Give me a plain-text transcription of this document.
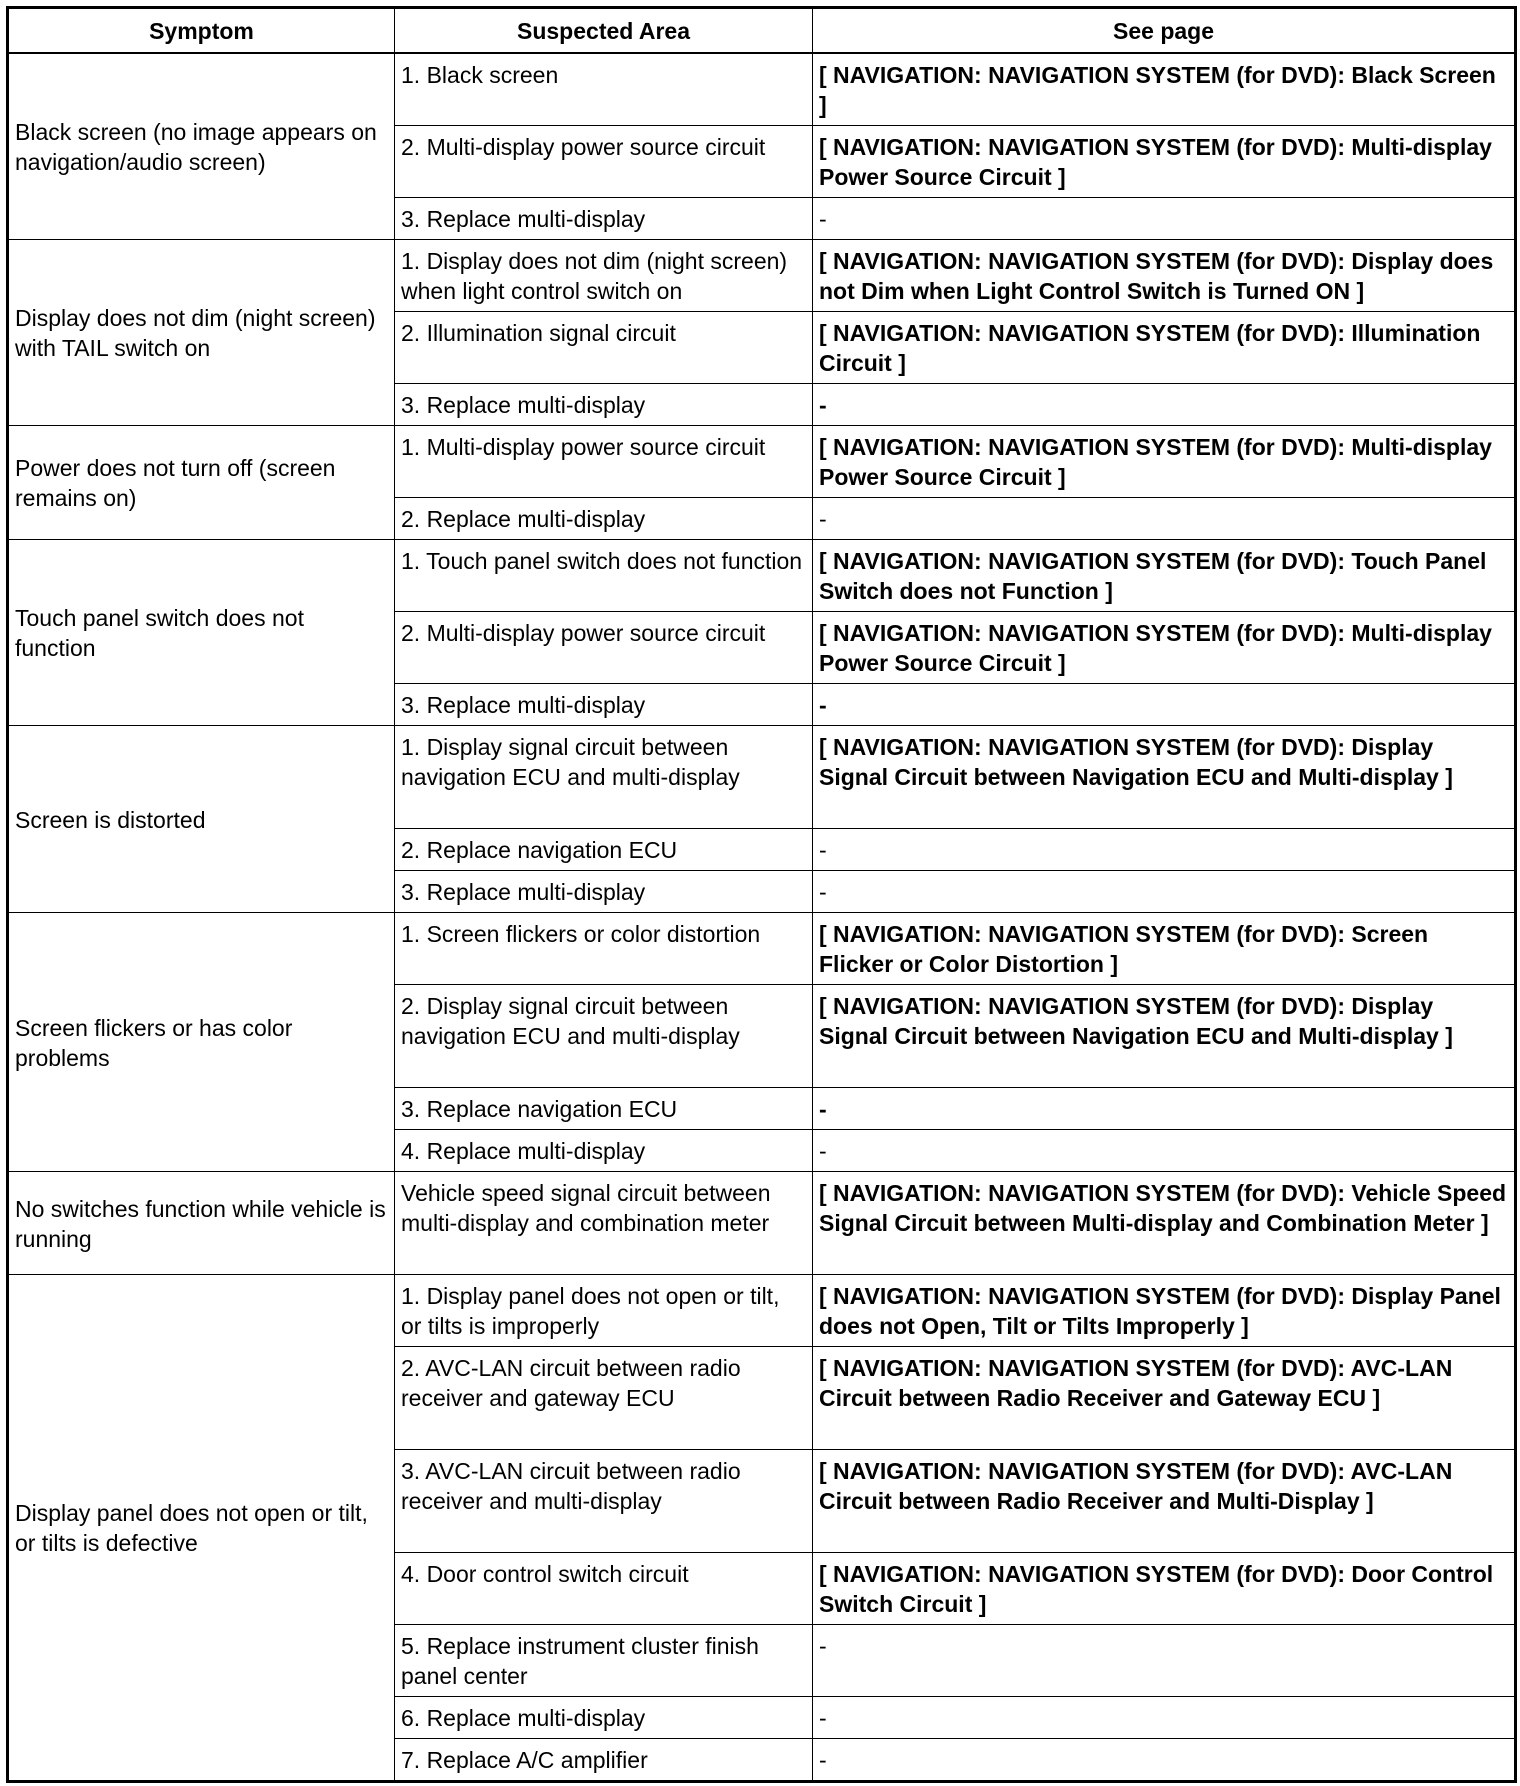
Symptom	Suspected Area	See page
Black screen (no image appears on navigation/audio screen)	1. Black screen	[ NAVIGATION: NAVIGATION SYSTEM (for DVD): Black Screen ]
	2. Multi-display power source circuit	[ NAVIGATION: NAVIGATION SYSTEM (for DVD): Multi-display Power Source Circuit ]
	3. Replace multi-display	-
Display does not dim (night screen) with TAIL switch on	1. Display does not dim (night screen) when light control switch on	[ NAVIGATION: NAVIGATION SYSTEM (for DVD): Display does not Dim when Light Control Switch is Turned ON ]
	2. Illumination signal circuit	[ NAVIGATION: NAVIGATION SYSTEM (for DVD): Illumination Circuit ]
	3. Replace multi-display	-
Power does not turn off (screen remains on)	1. Multi-display power source circuit	[ NAVIGATION: NAVIGATION SYSTEM (for DVD): Multi-display Power Source Circuit ]
	2. Replace multi-display	-
Touch panel switch does not function	1. Touch panel switch does not function	[ NAVIGATION: NAVIGATION SYSTEM (for DVD): Touch Panel Switch does not Function ]
	2. Multi-display power source circuit	[ NAVIGATION: NAVIGATION SYSTEM (for DVD): Multi-display Power Source Circuit ]
	3. Replace multi-display	-
Screen is distorted	1. Display signal circuit between navigation ECU and multi-display	[ NAVIGATION: NAVIGATION SYSTEM (for DVD): Display Signal Circuit between Navigation ECU and Multi-display ]
	2. Replace navigation ECU	-
	3. Replace multi-display	-
Screen flickers or has color problems	1. Screen flickers or color distortion	[ NAVIGATION: NAVIGATION SYSTEM (for DVD): Screen Flicker or Color Distortion ]
	2. Display signal circuit between navigation ECU and multi-display	[ NAVIGATION: NAVIGATION SYSTEM (for DVD): Display Signal Circuit between Navigation ECU and Multi-display ]
	3. Replace navigation ECU	-
	4. Replace multi-display	-
No switches function while vehicle is running	Vehicle speed signal circuit between multi-display and combination meter	[ NAVIGATION: NAVIGATION SYSTEM (for DVD): Vehicle Speed Signal Circuit between Multi-display and Combination Meter ]
Display panel does not open or tilt, or tilts is defective	1. Display panel does not open or tilt, or tilts is improperly	[ NAVIGATION: NAVIGATION SYSTEM (for DVD): Display Panel does not Open, Tilt or Tilts Improperly ]
	2. AVC-LAN circuit between radio receiver and gateway ECU	[ NAVIGATION: NAVIGATION SYSTEM (for DVD): AVC-LAN Circuit between Radio Receiver and Gateway ECU ]
	3. AVC-LAN circuit between radio receiver and multi-display	[ NAVIGATION: NAVIGATION SYSTEM (for DVD): AVC-LAN Circuit between Radio Receiver and Multi-Display ]
	4. Door control switch circuit	[ NAVIGATION: NAVIGATION SYSTEM (for DVD): Door Control Switch Circuit ]
	5. Replace instrument cluster finish panel center	-
	6. Replace multi-display	-
	7. Replace A/C amplifier	-
